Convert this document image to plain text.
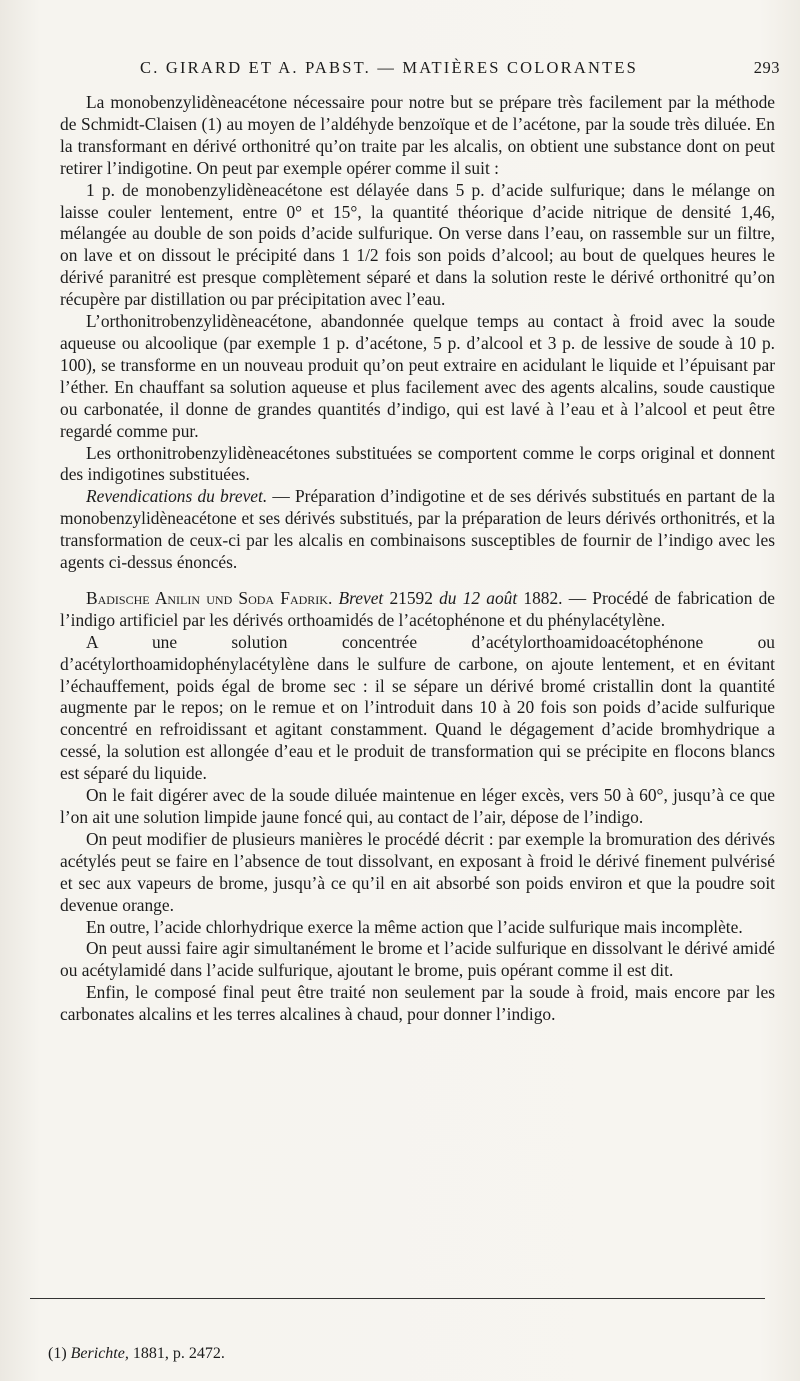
C. GIRARD ET A. PABST. — MATIÈRES COLORANTES	293

La monobenzylidèneacétone nécessaire pour notre but se prépare très facilement par la méthode de Schmidt-Claisen (1) au moyen de l’aldéhyde benzoïque et de l’acétone, par la soude très diluée. En la transformant en dérivé orthonitré qu’on traite par les alcalis, on obtient une substance dont on peut retirer l’indigotine. On peut par exemple opérer comme il suit :

1 p. de monobenzylidèneacétone est délayée dans 5 p. d’acide sulfurique; dans le mélange on laisse couler lentement, entre 0° et 15°, la quantité théorique d’acide nitrique de densité 1,46, mélangée au double de son poids d’acide sulfurique. On verse dans l’eau, on rassemble sur un filtre, on lave et on dissout le précipité dans 1 1/2 fois son poids d’alcool; au bout de quelques heures le dérivé paranitré est presque complètement séparé et dans la solution reste le dérivé orthonitré qu’on récupère par distillation ou par précipitation avec l’eau.

L’orthonitrobenzylidèneacétone, abandonnée quelque temps au contact à froid avec la soude aqueuse ou alcoolique (par exemple 1 p. d’acétone, 5 p. d’alcool et 3 p. de lessive de soude à 10 p. 100), se transforme en un nouveau produit qu’on peut extraire en acidulant le liquide et l’épuisant par l’éther. En chauffant sa solution aqueuse et plus facilement avec des agents alcalins, soude caustique ou carbonatée, il donne de grandes quantités d’indigo, qui est lavé à l’eau et à l’alcool et peut être regardé comme pur.

Les orthonitrobenzylidèneacétones substituées se comportent comme le corps original et donnent des indigotines substituées.

Revendications du brevet. — Préparation d’indigotine et de ses dérivés substitués en partant de la monobenzylidèneacétone et ses dérivés substitués, par la préparation de leurs dérivés orthonitrés, et la transformation de ceux-ci par les alcalis en combinaisons susceptibles de fournir de l’indigo avec les agents ci-dessus énoncés.

Badische Anilin und Soda Fadrik. Brevet 21592 du 12 août 1882. — Procédé de fabrication de l’indigo artificiel par les dérivés orthoamidés de l’acétophénone et du phénylacétylène.

A une solution concentrée d’acétylorthoamidoacétophénone ou d’acétylorthoamidophénylacétylène dans le sulfure de carbone, on ajoute lentement, et en évitant l’échauffement, poids égal de brome sec : il se sépare un dérivé bromé cristallin dont la quantité augmente par le repos; on le remue et on l’introduit dans 10 à 20 fois son poids d’acide sulfurique concentré en refroidissant et agitant constamment. Quand le dégagement d’acide bromhydrique a cessé, la solution est allongée d’eau et le produit de transformation qui se précipite en flocons blancs est séparé du liquide.

On le fait digérer avec de la soude diluée maintenue en léger excès, vers 50 à 60°, jusqu’à ce que l’on ait une solution limpide jaune foncé qui, au contact de l’air, dépose de l’indigo.

On peut modifier de plusieurs manières le procédé décrit : par exemple la bromuration des dérivés acétylés peut se faire en l’absence de tout dissolvant, en exposant à froid le dérivé finement pulvérisé et sec aux vapeurs de brome, jusqu’à ce qu’il en ait absorbé son poids environ et que la poudre soit devenue orange.

En outre, l’acide chlorhydrique exerce la même action que l’acide sulfurique mais incomplète.

On peut aussi faire agir simultanément le brome et l’acide sulfurique en dissolvant le dérivé amidé ou acétylamidé dans l’acide sulfurique, ajoutant le brome, puis opérant comme il est dit.

Enfin, le composé final peut être traité non seulement par la soude à froid, mais encore par les carbonates alcalins et les terres alcalines à chaud, pour donner l’indigo.

(1) Berichte, 1881, p. 2472.
